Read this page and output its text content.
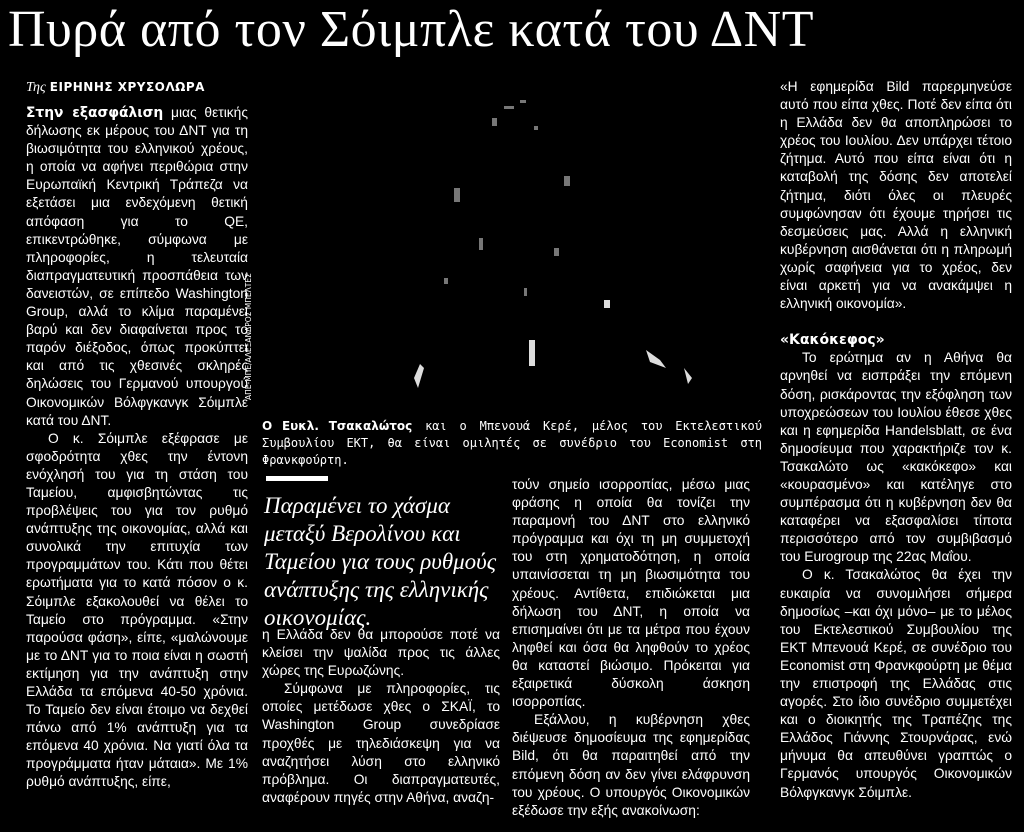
Πυρά από τον Σόιμπλε κατά του ΔΝΤ
Της ΕΙΡΗΝΗΣ ΧΡΥΣΟΛΩΡΑ

Στην εξασφάλιση μιας θετικής δήλωσης εκ μέρους του ΔΝΤ για τη βιωσιμότητα του ελληνικού χρέους, η οποία να αφήνει περιθώρια στην Ευρωπαϊκή Κεντρική Τράπεζα να εξετάσει μια ενδεχόμενη θετική απόφαση για το QE, επικεντρώθηκε, σύμφωνα με πληροφορίες, η τελευταία διαπραγματευτική προσπάθεια των δανειστών, σε επίπεδο Washington Group, αλλά το κλίμα παραμένει βαρύ και δεν διαφαίνεται προς το παρόν διέξοδος, όπως προκύπτει και από τις χθεσινές σκληρές δηλώσεις του Γερμανού υπουργού Οικονομικών Βόλφγκανγκ Σόιμπλε κατά του ΔΝΤ.

Ο κ. Σόιμπλε εξέφρασε με σφοδρότητα χθες την έντονη ενόχλησή του για τη στάση του Ταμείου, αμφισβητώντας τις προβλέψεις του για τον ρυθμό ανάπτυξης της οικονομίας, αλλά και συνολικά την επιτυχία των προγραμμάτων του. Κάτι που θέτει ερωτήματα για το κατά πόσον ο κ. Σόιμπλε εξακολουθεί να θέλει το Ταμείο στο πρόγραμμα. «Στην παρούσα φάση», είπε, «μαλώνουμε με το ΔΝΤ για το ποια είναι η σωστή εκτίμηση για την ανάπτυξη στην Ελλάδα τα επόμενα 40-50 χρόνια. Το Ταμείο δεν είναι έτοιμο να δεχθεί πάνω από 1% ανάπτυξη για τα επόμενα 40 χρόνια. Να γιατί όλα τα προγράμματα ήταν μάταια». Με 1% ρυθμό ανάπτυξης, είπε,

ΑΠΕ-ΜΠΕ/ΑΛΕΞΑΝΔΡΟΣ ΜΠΕΛΤΕΣ
Ο Ευκλ. Τσακαλώτος και ο Μπενουά Κερέ, μέλος του Εκτελεστικού Συμβουλίου ΕΚΤ, θα είναι ομιλητές σε συνέδριο του Economist στη Φρανκφούρτη.
Παραμένει το χάσμα μεταξύ Βερολίνου και Ταμείου για τους ρυθμούς ανάπτυξης της ελληνικής οικονομίας.

η Ελλάδα δεν θα μπορούσε ποτέ να κλείσει την ψαλίδα προς τις άλλες χώρες της Ευρωζώνης.

Σύμφωνα με πληροφορίες, τις οποίες μετέδωσε χθες ο ΣΚΑΪ, το Washington Group συνεδρίασε προχθές με τηλεδιάσκεψη για να αναζητήσει λύση στο ελληνικό πρόβλημα. Οι διαπραγματευτές, αναφέρουν πηγές στην Αθήνα, αναζη-

τούν σημείο ισορροπίας, μέσω μιας φράσης η οποία θα τονίζει την παραμονή του ΔΝΤ στο ελληνικό πρόγραμμα και όχι τη μη συμμετοχή του στη χρηματοδότηση, η οποία υπαινίσσεται τη μη βιωσιμότητα του χρέους. Αντίθετα, επιδιώκεται μια δήλωση του ΔΝΤ, η οποία να επισημαίνει ότι με τα μέτρα που έχουν ληφθεί και όσα θα ληφθούν το χρέος θα καταστεί βιώσιμο. Πρόκειται για εξαιρετικά δύσκολη άσκηση ισορροπίας.

Εξάλλου, η κυβέρνηση χθες διέψευσε δημοσίευμα της εφημερίδας Bild, ότι θα παραιτηθεί από την επόμενη δόση αν δεν γίνει ελάφρυνση του χρέους. Ο υπουργός Οικονομικών εξέδωσε την εξής ανακοίνωση:

«Η εφημερίδα Bild παρερμηνεύσε αυτό που είπα χθες. Ποτέ δεν είπα ότι η Ελλάδα δεν θα αποπληρώσει το χρέος του Ιουλίου. Δεν υπάρχει τέτοιο ζήτημα. Αυτό που είπα είναι ότι η καταβολή της δόσης δεν αποτελεί ζήτημα, διότι όλες οι πλευρές συμφώνησαν ότι έχουμε τηρήσει τις δεσμεύσεις μας. Αλλά η ελληνική κυβέρνηση αισθάνεται ότι η πληρωμή χωρίς σαφήνεια για το χρέος, δεν είναι αρκετή για να ανακάμψει η ελληνική οικονομία».

«Κακόκεφος»

Το ερώτημα αν η Αθήνα θα αρνηθεί να εισπράξει την επόμενη δόση, ρισκάροντας την εξόφληση των υποχρεώσεων του Ιουλίου έθεσε χθες και η εφημερίδα Handelsblatt, σε ένα δημοσίευμα που χαρακτήριζε τον κ. Τσακαλώτο ως «κακόκεφο» και «κουρασμένο» και κατέληγε στο συμπέρασμα ότι η κυβέρνηση δεν θα καταφέρει να εξασφαλίσει τίποτα περισσότερο από τον συμβιβασμό του Eurogroup της 22ας Μαΐου.

Ο κ. Τσακαλώτος θα έχει την ευκαιρία να συνομιλήσει σήμερα δημοσίως –και όχι μόνο– με το μέλος του Εκτελεστικού Συμβουλίου της ΕΚΤ Μπενουά Κερέ, σε συνέδριο του Economist στη Φρανκφούρτη με θέμα την επιστροφή της Ελλάδας στις αγορές. Στο ίδιο συνέδριο συμμετέχει και ο διοικητής της Τραπέζης της Ελλάδος Γιάννης Στουρνάρας, ενώ μήνυμα θα απευθύνει γραπτώς ο Γερμανός υπουργός Οικονομικών Βόλφγκανγκ Σόιμπλε.
